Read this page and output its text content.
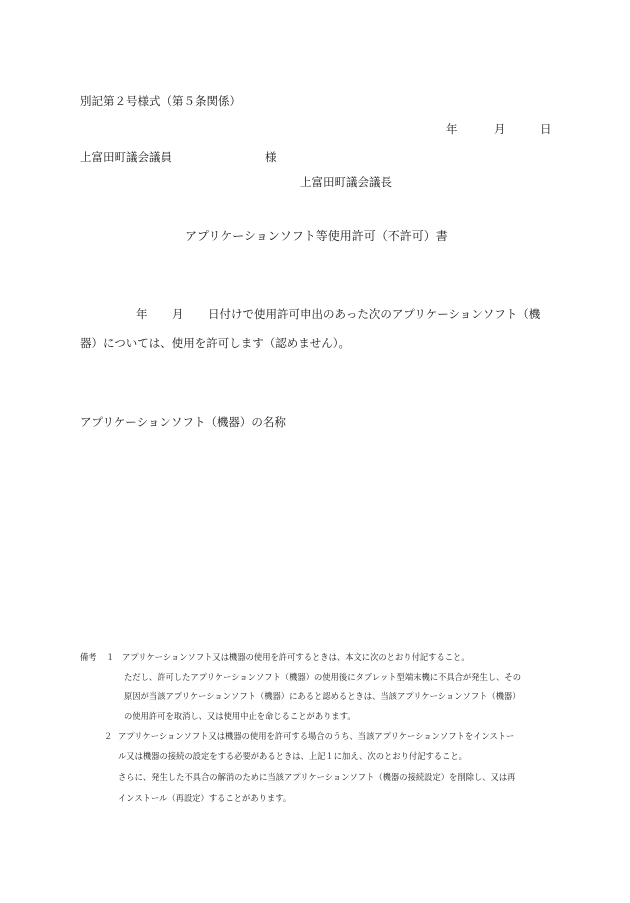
別記第２号様式（第５条関係）
年	月	日
上富田町議会議員	様
上富田町議会議長
アプリケーションソフト等使用許可（不許可）書
年 月 日付けで使用許可申出のあった次のアプリケーションソフト（機
器）については、使用を許可します（認めません）。
アプリケーションソフト（機器）の名称
備考 １ アプリケーションソフト又は機器の使用を許可するときは、本文に次のとおり付記すること。
ただし、許可したアプリケーションソフト（機器）の使用後にタブレット型端末機に不具合が発生し、その
原因が当該アプリケーションソフト（機器）にあると認めるときは、当該アプリケーションソフト（機器）
の使用許可を取消し、又は使用中止を命じることがあります。
２ アプリケーションソフト又は機器の使用を許可する場合のうち、当該アプリケーションソフトをインストー
ル又は機器の接続の設定をする必要があるときは、上記１に加え、次のとおり付記すること。
さらに、発生した不具合の解消のために当該アプリケーションソフト（機器の接続設定）を削除し、又は再
インストール（再設定）することがあります。
